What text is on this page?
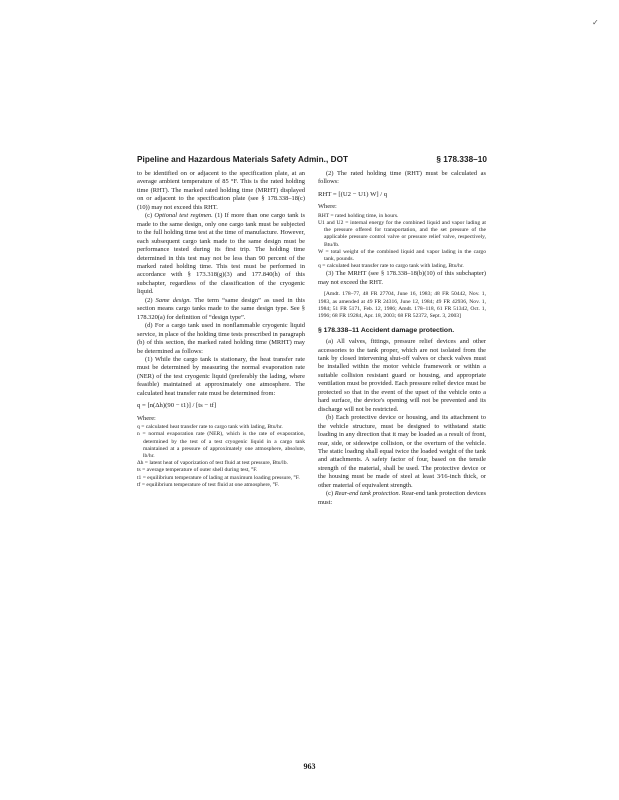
✓
Pipeline and Hazardous Materials Safety Admin., DOT	§ 178.338–10

to be identified on or adjacent to the specification plate, at an average ambient temperature of 85 °F. This is the rated holding time (RHT). The marked rated holding time (MRHT) displayed on or adjacent to the specification plate (see § 178.338–18(c)(10)) may not exceed this RHT.

(c) Optional test regimen. (1) If more than one cargo tank is made to the same design, only one cargo tank must be subjected to the full holding time test at the time of manufacture. However, each subsequent cargo tank made to the same design must be performance tested during its first trip. The holding time determined in this test may not be less than 90 percent of the marked rated holding time. This test must be performed in accordance with § 173.318(g)(3) and 177.840(h) of this subchapter, regardless of the classification of the cryogenic liquid.

(2) Same design. The term “same design” as used in this section means cargo tanks made to the same design type. See § 178.320(a) for definition of “design type”.

(d) For a cargo tank used in nonflammable cryogenic liquid service, in place of the holding time tests prescribed in paragraph (b) of this section, the marked rated holding time (MRHT) may be determined as follows:

(1) While the cargo tank is stationary, the heat transfer rate must be determined by measuring the normal evaporation rate (NER) of the test cryogenic liquid (preferably the lading, where feasible) maintained at approximately one atmosphere. The calculated heat transfer rate must be determined from:

q = [n(Δh)(90 − t1)] / [ts − tf]

Where:

q = calculated heat transfer rate to cargo tank with lading, Btu/hr.

n = normal evaporation rate (NER), which is the rate of evaporation, determined by the test of a test cryogenic liquid in a cargo tank maintained at a pressure of approximately one atmosphere, absolute, lb/hr.

Δh = latent heat of vaporization of test fluid at test pressure, Btu/lb.

ts = average temperature of outer shell during test, °F.

t1 = equilibrium temperature of lading at maximum loading pressure, °F.

tf = equilibrium temperature of test fluid at one atmosphere, °F.

(2) The rated holding time (RHT) must be calculated as follows:

RHT = [(U2 − U1) W] / q

Where:

RHT = rated holding time, in hours.

U1 and U2 = internal energy for the combined liquid and vapor lading at the pressure offered for transportation, and the set pressure of the applicable pressure control valve or pressure relief valve, respectively, Btu/lb.

W = total weight of the combined liquid and vapor lading in the cargo tank, pounds.

q = calculated heat transfer rate to cargo tank with lading, Btu/hr.

(3) The MRHT (see § 178.338–18(b)(10) of this subchapter) may not exceed the RHT.

[Amdt. 178–77, 48 FR 27704, June 16, 1983; 48 FR 50442, Nov. 1, 1983, as amended at 49 FR 24316, June 12, 1984; 49 FR 42936, Nov. 1, 1984; 51 FR 5171, Feb. 12, 1986; Amdt. 178–118, 61 FR 51342, Oct. 1, 1996; 68 FR 19284, Apr. 18, 2003; 68 FR 52372, Sept. 3, 2003]

§ 178.338–11 Accident damage protection.

(a) All valves, fittings, pressure relief devices and other accessories to the tank proper, which are not isolated from the tank by closed intervening shut-off valves or check valves must be installed within the motor vehicle framework or within a suitable collision resistant guard or housing, and appropriate ventilation must be provided. Each pressure relief device must be protected so that in the event of the upset of the vehicle onto a hard surface, the device's opening will not be prevented and its discharge will not be restricted.

(b) Each protective device or housing, and its attachment to the vehicle structure, must be designed to withstand static loading in any direction that it may be loaded as a result of front, rear, side, or sideswipe collision, or the overturn of the vehicle. The static loading shall equal twice the loaded weight of the tank and attachments. A safety factor of four, based on the tensile strength of the material, shall be used. The protective device or the housing must be made of steel at least 3⁄16-inch thick, or other material of equivalent strength.

(c) Rear-end tank protection. Rear-end tank protection devices must:

963
